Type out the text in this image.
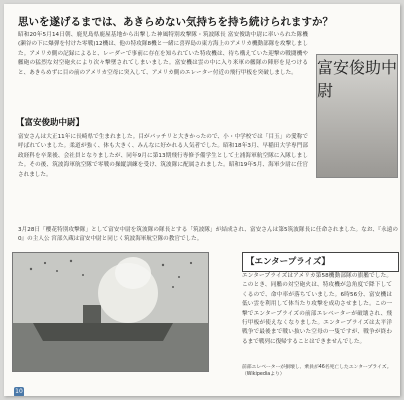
思いを遂げるまでは、あきらめない気持ちを持ち続けられますか？
昭和20年5月14日朝、鹿児島県鹿屋基地から出撃した神風特別攻撃隊・筑波隊長 富安俊助中尉に率いられた隊機(瀬谷の下に爆弾を付けた零戦)12機は、他の特攻隊8機と一緒に喜界島の東方海上のアメリカ機動部隊を攻撃しました。アメリカ側の記録によると、レーダーで事前に存在を知られていた特攻機は、待ち構えていた迎撃の戦闘機や艦砲の猛烈な対空砲火により次々撃墜されてしまいました。富安機は雲の中に入り米軍の艦隊の陣形を見つけると、あきらめずに目の前のアメリカ空母に突入して、アメリカ側のエレーター付近の飛行甲板を突破しました。	富安俊助中尉
【富安俊助中尉】
富安さんは大正11年に長崎県で生まれました。目がパッチリと大きかったので、小・中学校では「目玉」の愛称で呼ばれていました。柔道が強く、体も大きく、みんなに好かれる人気者でした。昭和18年3月、早稲田大学専門部政経科を卒業後、会社員となりましたが、同年9月に第13期飛行専修予備学生として土浦海軍航空隊に入隊しました。その後、筑波海軍航空隊で零戦の操縦訓練を受け、筑波隊に配属されました。昭和19年5月、海軍少尉に任官されました。
3月28日「櫻花特別攻撃隊」として富安中尉を筑波隊の隊長とする「筑波隊」が結成され、富安さんは第5筑波隊長に任命されました。なお、『永遠の0』の主人公 宮部久蔵は富安中尉と同じく筑波海軍航空隊の教官でした。
【エンタープライズ】
エンタープライズはアメリカ第58機動部隊の旗艦でした。このとき、同艦の対空砲火は、特攻機が急角度で降下してくるので、命中率が落ちていました。6時56分、富安機は低い雲を利用して体当たり攻撃を成功させました。この一撃でエンタープライズの前部エレベーターが破壊され、飛行甲板が使えなくなりました。エンタープライズは太平洋戦争で最後まで戦い抜いた空母の一隻ですが、戦争が終わるまで戦列に復帰することはできませんでした。
前部エレベーターが損壊し、乗員が46名死亡したエンタープライズ。（Wikipediaより）
10
